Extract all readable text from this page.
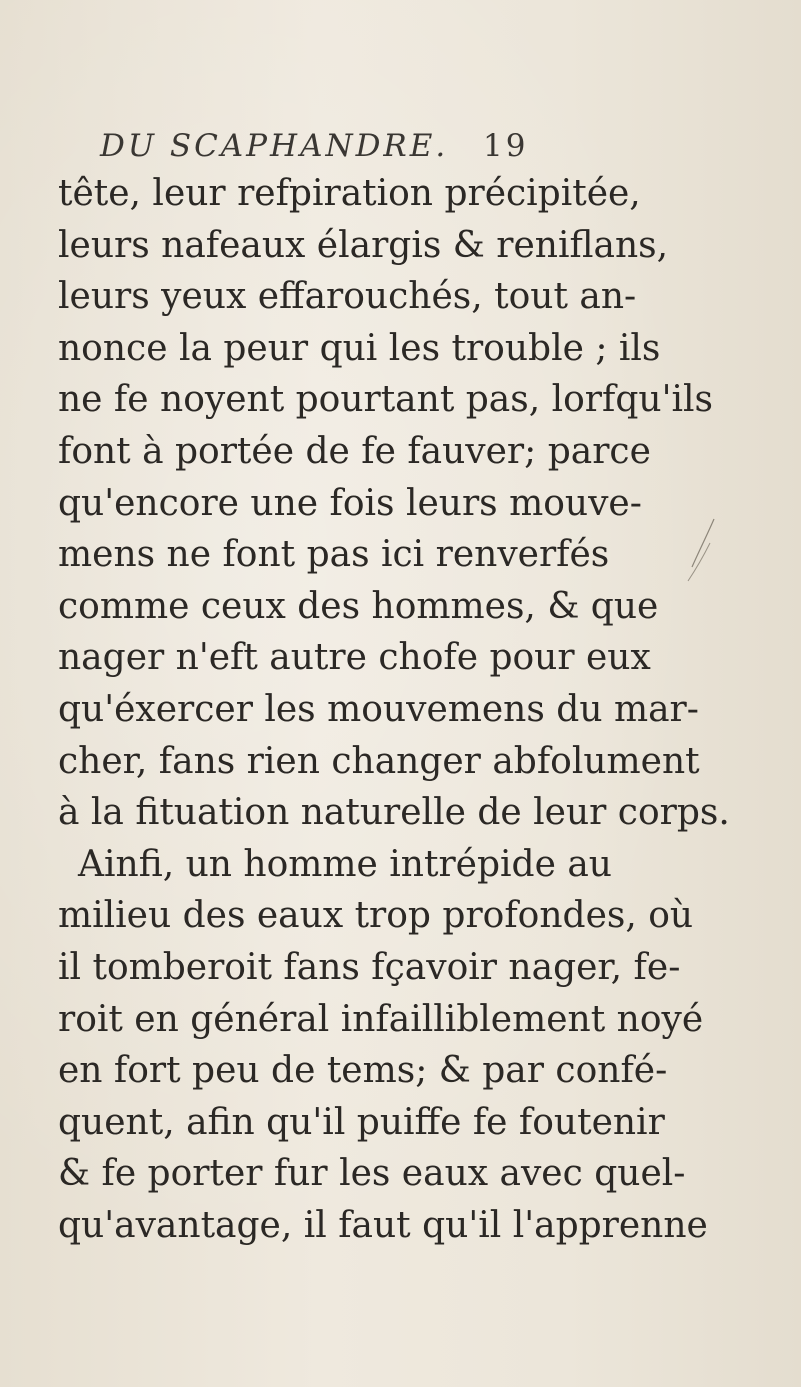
DU SCAPHANDRE. 19
tête, leur refpiration précipitée,
leurs nafeaux élargis & reniflans,
leurs yeux effarouchés, tout an-
nonce la peur qui les trouble ; ils
ne fe noyent pourtant pas, lorfqu'ils
font à portée de fe fauver; parce
qu'encore une fois leurs mouve-
mens ne font pas ici renverfés
comme ceux des hommes, & que
nager n'eft autre chofe pour eux
qu'éxercer les mouvemens du mar-
cher, fans rien changer abfolument
à la fituation naturelle de leur corps.
Ainfi, un homme intrépide au
milieu des eaux trop profondes, où
il tomberoit fans fçavoir nager, fe-
roit en général infailliblement noyé
en fort peu de tems; & par confé-
quent, afin qu'il puiffe fe foutenir
& fe porter fur les eaux avec quel-
qu'avantage, il faut qu'il l'apprenne
